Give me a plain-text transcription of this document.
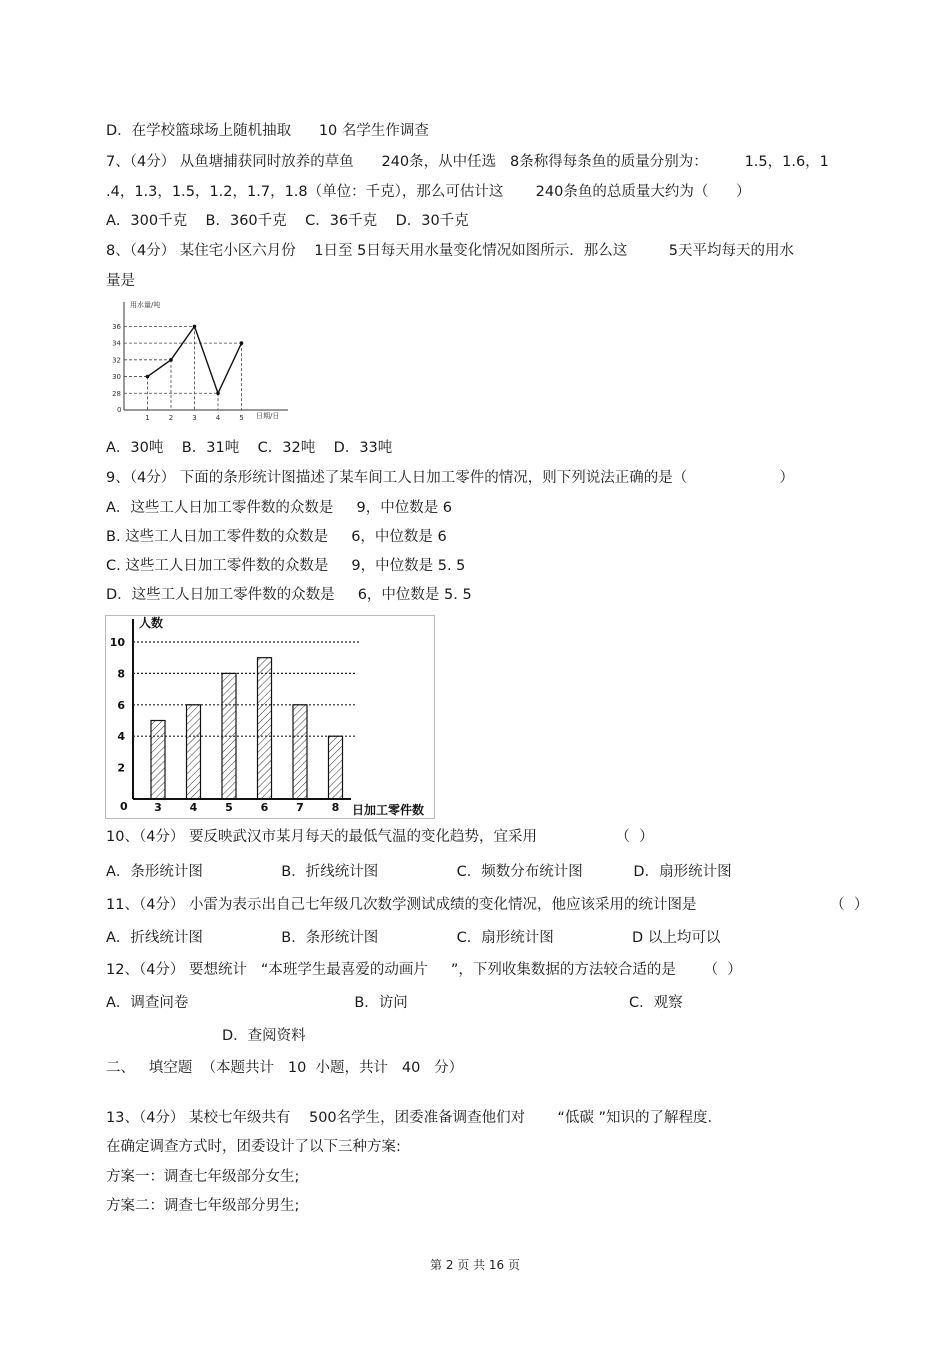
D．在学校篮球场上随机抽取      10 名学生作调查
7、（4分） 从鱼塘捕获同时放养的草鱼      240条，从中任选   8条称得每条鱼的质量分别为：        1.5，1.6，1
.4，1.3，1.5，1.2，1.7，1.8（单位：千克），那么可估计这       240条鱼的总质量大约为（      ）
A．300千克    B．360千克    C．36千克    D．30千克
8、（4分） 某住宅小区六月份    1日至 5日每天用水量变化情况如图所示．那么这         5天平均每天的用水
量是
A．30吨    B．31吨    C．32吨    D．33吨
9、（4分） 下面的条形统计图描述了某车间工人日加工零件的情况，则下列说法正确的是（                    ）
A．这些工人日加工零件数的众数是     9，中位数是 6
B. 这些工人日加工零件数的众数是     6，中位数是 6
C. 这些工人日加工零件数的众数是     9，中位数是 5. 5
D．这些工人日加工零件数的众数是     6，中位数是 5. 5
10、（4分） 要反映武汉市某月每天的最低气温的变化趋势，宜采用                 （  ）
A．条形统计图                 B．折线统计图                 C．频数分布统计图           D．扇形统计图
11、（4分） 小雷为表示出自己七年级几次数学测试成绩的变化情况，他应该采用的统计图是                             （  ）
A．折线统计图                 B．条形统计图                 C．扇形统计图                 D 以上均可以
12、（4分） 要想统计   “本班学生最喜爱的动画片     ”，下列收集数据的方法较合适的是      （  ）
A．调查问卷                                    B．访问                                                C．观察
D．查阅资料
二、   填空题  （本题共计   10  小题，共计   40   分）
13、（4分） 某校七年级共有    500名学生，团委准备调查他们对       “低碳 ”知识的了解程度．
在确定调查方式时，团委设计了以下三种方案:
方案一：调查七年级部分女生;
方案二：调查七年级部分男生;
用水量/吨
日期/日
0
28
30
32
34
36
1	2	3	4	5
人数
日加工零件数
0
2
4
6
8
10
3	4	5	6	7	8
第 2 页 共 16 页
